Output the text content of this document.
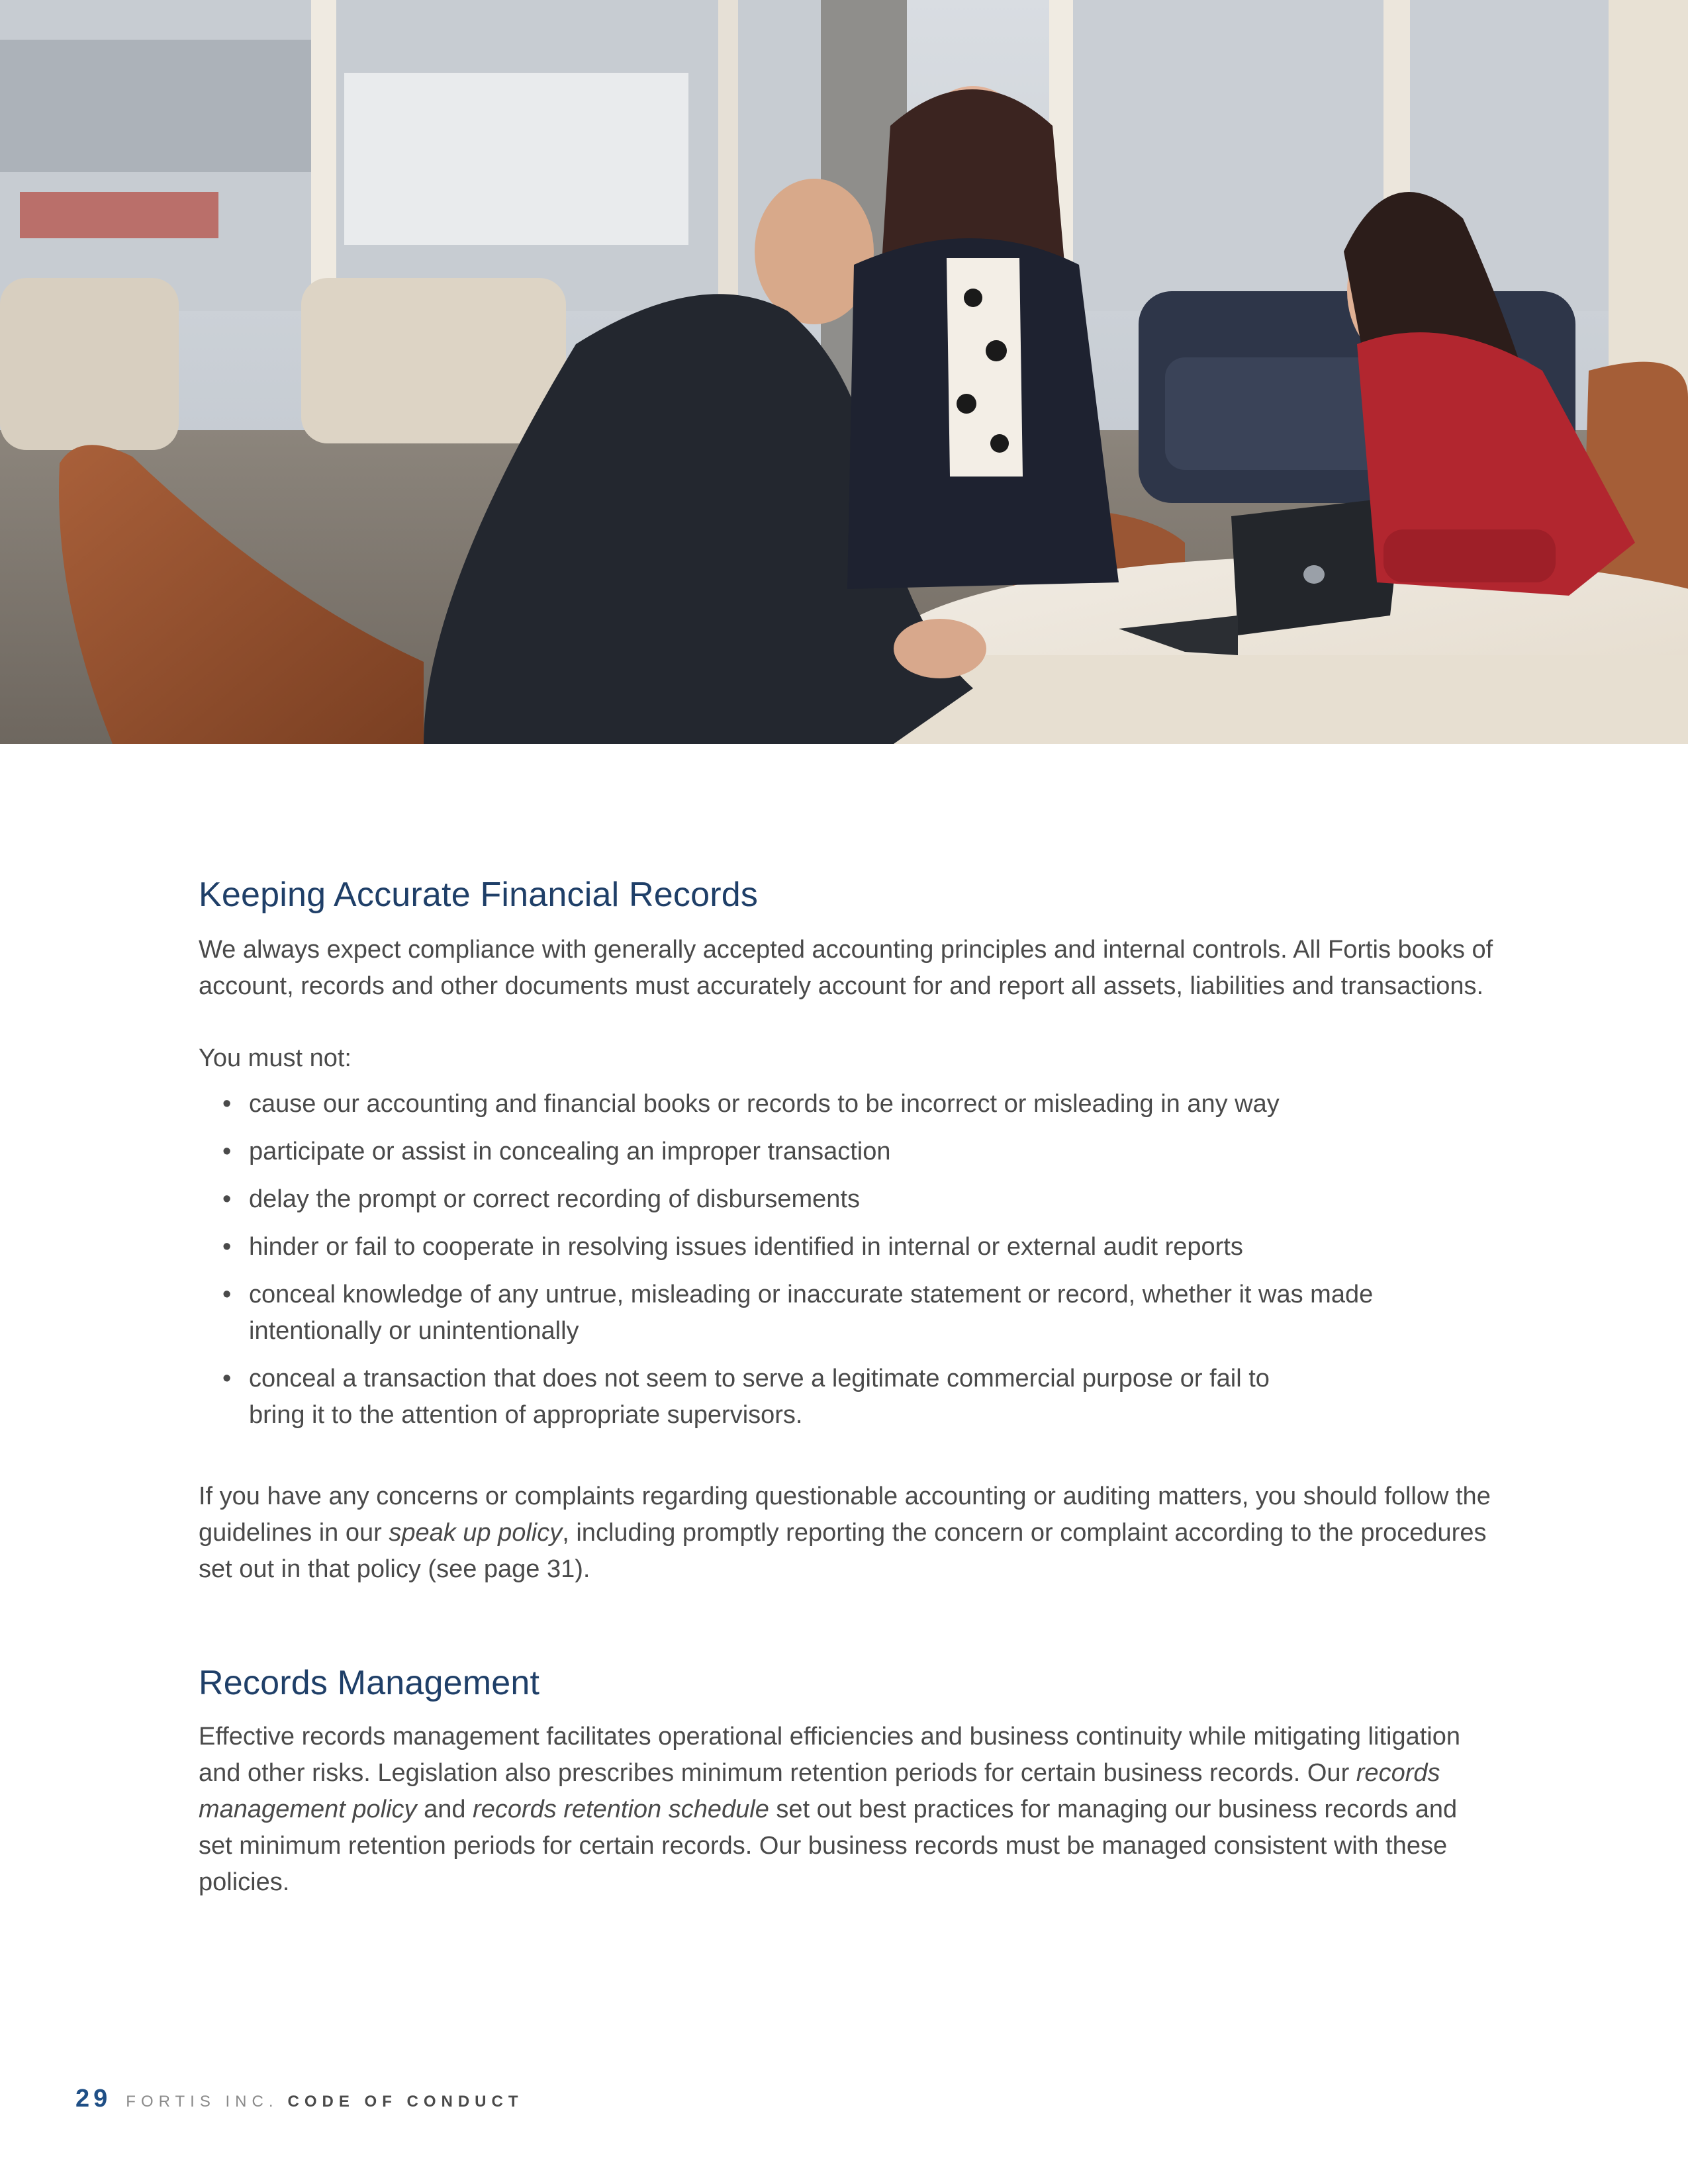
Keeping Accurate Financial Records

We always expect compliance with generally accepted accounting principles and internal controls. All Fortis books of account, records and other documents must accurately account for and report all assets, liabilities and transactions.

You must not:

• cause our accounting and financial books or records to be incorrect or misleading in any way
• participate or assist in concealing an improper transaction
• delay the prompt or correct recording of disbursements
• hinder or fail to cooperate in resolving issues identified in internal or external audit reports
• conceal knowledge of any untrue, misleading or inaccurate statement or record, whether it was made intentionally or unintentionally
• conceal a transaction that does not seem to serve a legitimate commercial purpose or fail to bring it to the attention of appropriate supervisors.

If you have any concerns or complaints regarding questionable accounting or auditing matters, you should follow the guidelines in our speak up policy, including promptly reporting the concern or complaint according to the procedures set out in that policy (see page 31).

Records Management

Effective records management facilitates operational efficiencies and business continuity while mitigating litigation and other risks. Legislation also prescribes minimum retention periods for certain business records. Our records management policy and records retention schedule set out best practices for managing our business records and set minimum retention periods for certain records. Our business records must be managed consistent with these policies.

29 FORTIS INC. CODE OF CONDUCT
